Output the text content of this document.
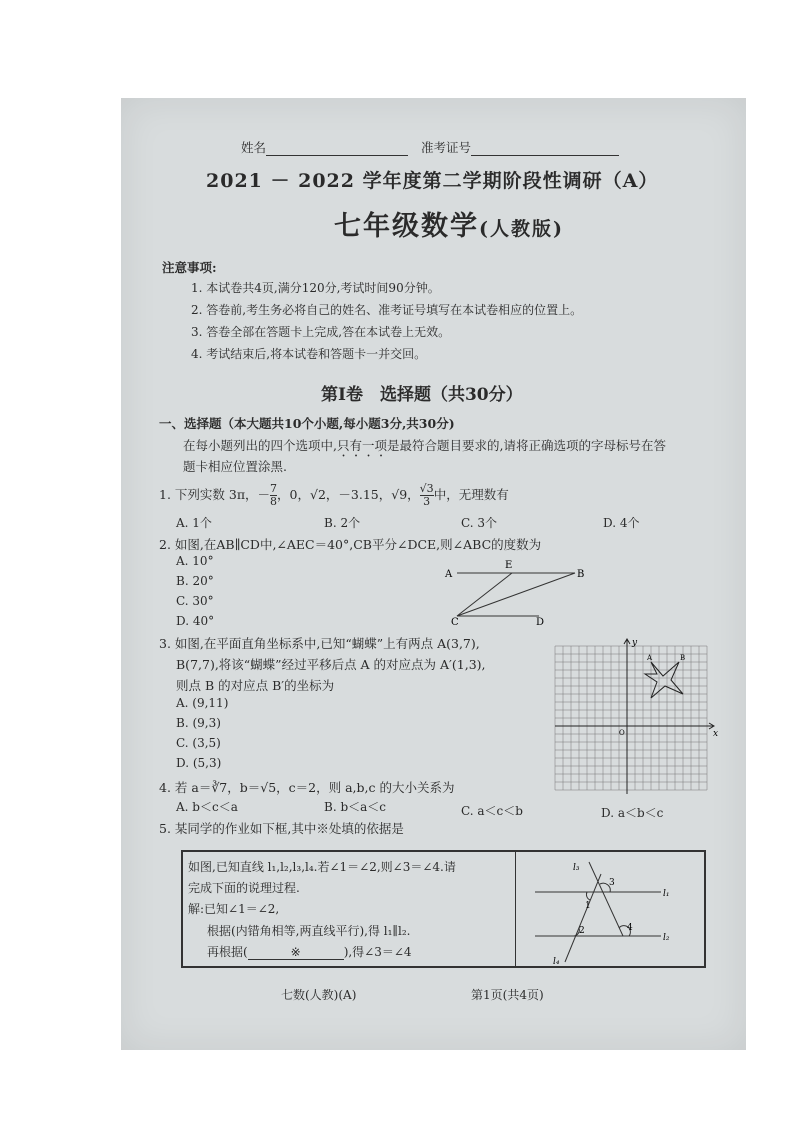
姓名	准考证号
2021 － 2022 学年度第二学期阶段性调研（A）
七年级数学(人教版)
注意事项:
1. 本试卷共4页,满分120分,考试时间90分钟。
2. 答卷前,考生务必将自己的姓名、准考证号填写在本试卷相应的位置上。
3. 答卷全部在答题卡上完成,答在本试卷上无效。
4. 考试结束后,将本试卷和答题卡一并交回。
第Ⅰ卷　选择题（共30分）
一、选择题（本大题共10个小题,每小题3分,共30分)
在每小题列出的四个选项中,只有一项是最符合题目要求的,请将正确选项的字母标号在答
题卡相应位置涂黑.
1. 下列实数 3π，－ $\frac{7}{8}$ ，0，√2，－3.15，√9， $\frac{√3}{3}$ 中，无理数有
A. 1个	B. 2个	C. 3个	D. 4个
2. 如图,在AB∥CD中,∠AEC＝40°,CB平分∠DCE,则∠ABC的度数为
A. 10°
B. 20°
C. 30°
D. 40°
A
E
B
C	D
3. 如图,在平面直角坐标系中,已知“蝴蝶”上有两点 A(3,7),
B(7,7),将该“蝴蝶”经过平移后点 A 的对应点为 A′(1,3),
则点 B 的对应点 B′的坐标为
A. (9,11)
B. (9,3)
C. (3,5)
D. (5,3)
y
x
A	B
O
4. 若 a＝∛7，b＝√5，c＝2，则 a,b,c 的大小关系为
A. b＜c＜a	B. b＜a＜c	C. a＜c＜b	D. a＜b＜c
5. 某同学的作业如下框,其中※处填的依据是
如图,已知直线 l₁,l₂,l₃,l₄.若∠1＝∠2,则∠3＝∠4.请
完成下面的说理过程.
解:已知∠1＝∠2,
根据(内错角相等,两直线平行),得 l₁∥l₂.
再根据(	※	),得∠3＝∠4
l₃
3
l₁
1
2	4
l₂
l₄
七数(人教)(A)	第1页(共4页)
